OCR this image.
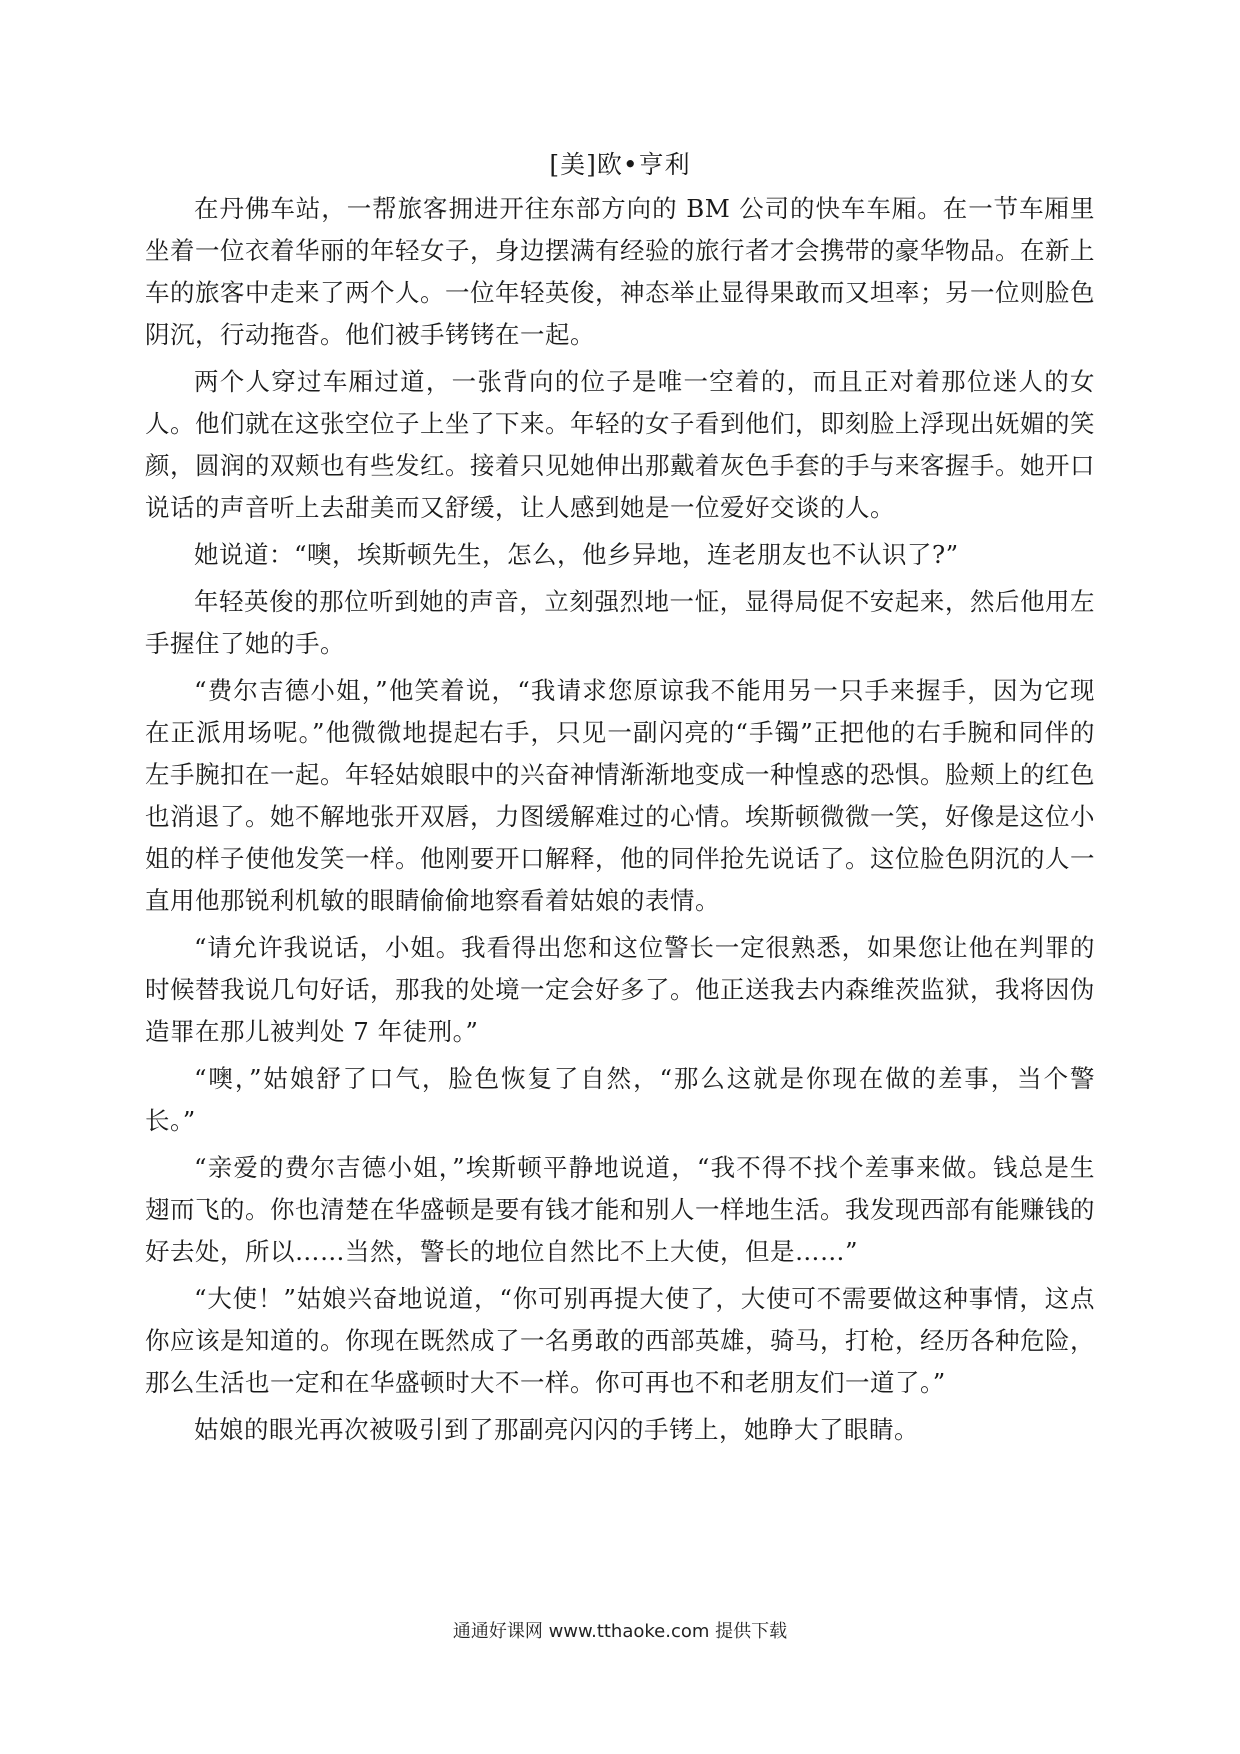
[美]欧•亨利

在丹佛车站，一帮旅客拥进开往东部方向的 BM 公司的快车车厢。在一节车厢里坐着一位衣着华丽的年轻女子，身边摆满有经验的旅行者才会携带的豪华物品。在新上车的旅客中走来了两个人。一位年轻英俊，神态举止显得果敢而又坦率；另一位则脸色阴沉，行动拖沓。他们被手铐铐在一起。

两个人穿过车厢过道，一张背向的位子是唯一空着的，而且正对着那位迷人的女人。他们就在这张空位子上坐了下来。年轻的女子看到他们，即刻脸上浮现出妩媚的笑颜，圆润的双颊也有些发红。接着只见她伸出那戴着灰色手套的手与来客握手。她开口说话的声音听上去甜美而又舒缓，让人感到她是一位爱好交谈的人。

她说道：“噢，埃斯顿先生，怎么，他乡异地，连老朋友也不认识了?”

年轻英俊的那位听到她的声音，立刻强烈地一怔，显得局促不安起来，然后他用左手握住了她的手。

“费尔吉德小姐，”他笑着说，“我请求您原谅我不能用另一只手来握手，因为它现在正派用场呢。”他微微地提起右手，只见一副闪亮的“手镯”正把他的右手腕和同伴的左手腕扣在一起。年轻姑娘眼中的兴奋神情渐渐地变成一种惶惑的恐惧。脸颊上的红色也消退了。她不解地张开双唇，力图缓解难过的心情。埃斯顿微微一笑，好像是这位小姐的样子使他发笑一样。他刚要开口解释，他的同伴抢先说话了。这位脸色阴沉的人一直用他那锐利机敏的眼睛偷偷地察看着姑娘的表情。

“请允许我说话，小姐。我看得出您和这位警长一定很熟悉，如果您让他在判罪的时候替我说几句好话，那我的处境一定会好多了。他正送我去内森维茨监狱，我将因伪造罪在那儿被判处 7 年徒刑。”

“噢，”姑娘舒了口气，脸色恢复了自然，“那么这就是你现在做的差事，当个警长。”

“亲爱的费尔吉德小姐，”埃斯顿平静地说道，“我不得不找个差事来做。钱总是生翅而飞的。你也清楚在华盛顿是要有钱才能和别人一样地生活。我发现西部有能赚钱的好去处，所以……当然，警长的地位自然比不上大使，但是……”

“大使！”姑娘兴奋地说道，“你可别再提大使了，大使可不需要做这种事情，这点你应该是知道的。你现在既然成了一名勇敢的西部英雄，骑马，打枪，经历各种危险，那么生活也一定和在华盛顿时大不一样。你可再也不和老朋友们一道了。”

姑娘的眼光再次被吸引到了那副亮闪闪的手铐上，她睁大了眼睛。

通通好课网 www.tthaoke.com 提供下载
